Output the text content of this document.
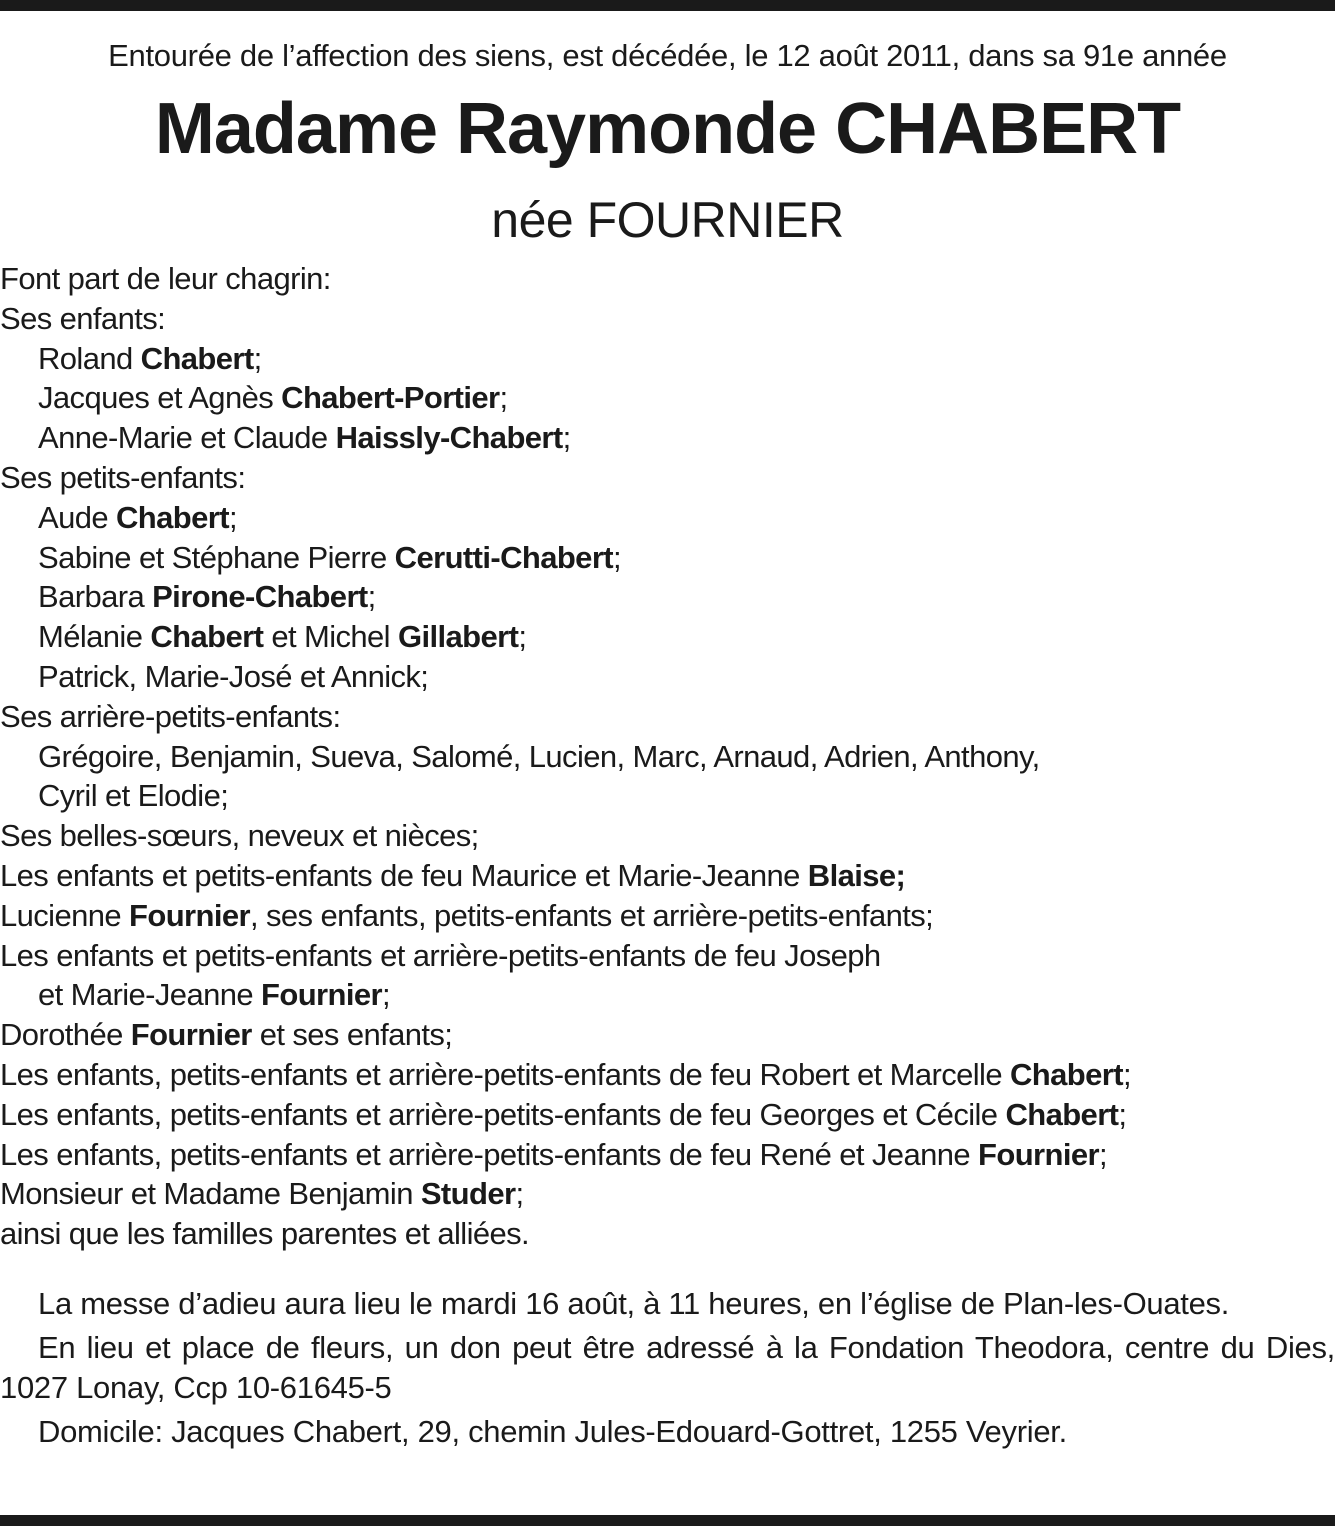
Entourée de l’affection des siens, est décédée, le 12 août 2011, dans sa 91e année
Madame Raymonde CHABERT
née FOURNIER
Font part de leur chagrin:
Ses enfants:
Roland Chabert;
Jacques et Agnès Chabert-Portier;
Anne-Marie et Claude Haissly-Chabert;
Ses petits-enfants:
Aude Chabert;
Sabine et Stéphane Pierre Cerutti-Chabert;
Barbara Pirone-Chabert;
Mélanie Chabert et Michel Gillabert;
Patrick, Marie-José et Annick;
Ses arrière-petits-enfants:
Grégoire, Benjamin, Sueva, Salomé, Lucien, Marc, Arnaud, Adrien, Anthony,
Cyril et Elodie;
Ses belles-sœurs, neveux et nièces;
Les enfants et petits-enfants de feu Maurice et Marie-Jeanne Blaise;
Lucienne Fournier, ses enfants, petits-enfants et arrière-petits-enfants;
Les enfants et petits-enfants et arrière-petits-enfants de feu Joseph
et Marie-Jeanne Fournier;
Dorothée Fournier et ses enfants;
Les enfants, petits-enfants et arrière-petits-enfants de feu Robert et Marcelle Chabert;
Les enfants, petits-enfants et arrière-petits-enfants de feu Georges et Cécile Chabert;
Les enfants, petits-enfants et arrière-petits-enfants de feu René et Jeanne Fournier;
Monsieur et Madame Benjamin Studer;
ainsi que les familles parentes et alliées.

La messe d’adieu aura lieu le mardi 16 août, à 11 heures, en l’église de Plan-les-Ouates.

En lieu et place de fleurs, un don peut être adressé à la Fondation Theodora, centre du Dies, 1027 Lonay, Ccp 10-61645-5

Domicile: Jacques Chabert, 29, chemin Jules-Edouard-Gottret, 1255 Veyrier.
